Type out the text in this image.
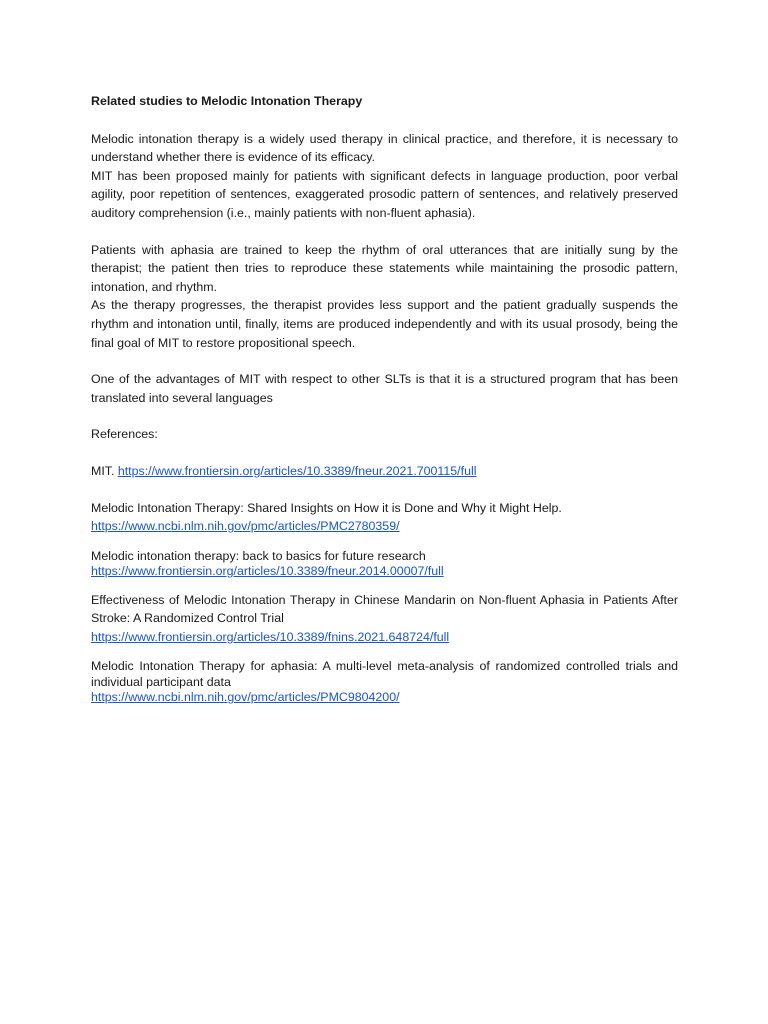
Related studies to Melodic Intonation Therapy

Melodic intonation therapy is a widely used therapy in clinical practice, and therefore, it is necessary to understand whether there is evidence of its efficacy.

MIT has been proposed mainly for patients with significant defects in language production, poor verbal agility, poor repetition of sentences, exaggerated prosodic pattern of sentences, and relatively preserved auditory comprehension (i.e., mainly patients with non-fluent aphasia).

Patients with aphasia are trained to keep the rhythm of oral utterances that are initially sung by the therapist; the patient then tries to reproduce these statements while maintaining the prosodic pattern, intonation, and rhythm.

As the therapy progresses, the therapist provides less support and the patient gradually suspends the rhythm and intonation until, finally, items are produced independently and with its usual prosody, being the final goal of MIT to restore propositional speech.

One of the advantages of MIT with respect to other SLTs is that it is a structured program that has been translated into several languages

References:

MIT. https://www.frontiersin.org/articles/10.3389/fneur.2021.700115/full

Melodic Intonation Therapy: Shared Insights on How it is Done and Why it Might Help.

https://www.ncbi.nlm.nih.gov/pmc/articles/PMC2780359/

Melodic intonation therapy: back to basics for future research

https://www.frontiersin.org/articles/10.3389/fneur.2014.00007/full

Effectiveness of Melodic Intonation Therapy in Chinese Mandarin on Non-fluent Aphasia in Patients After Stroke: A Randomized Control Trial

https://www.frontiersin.org/articles/10.3389/fnins.2021.648724/full

Melodic Intonation Therapy for aphasia: A multi-level meta-analysis of randomized controlled trials and individual participant data

https://www.ncbi.nlm.nih.gov/pmc/articles/PMC9804200/
